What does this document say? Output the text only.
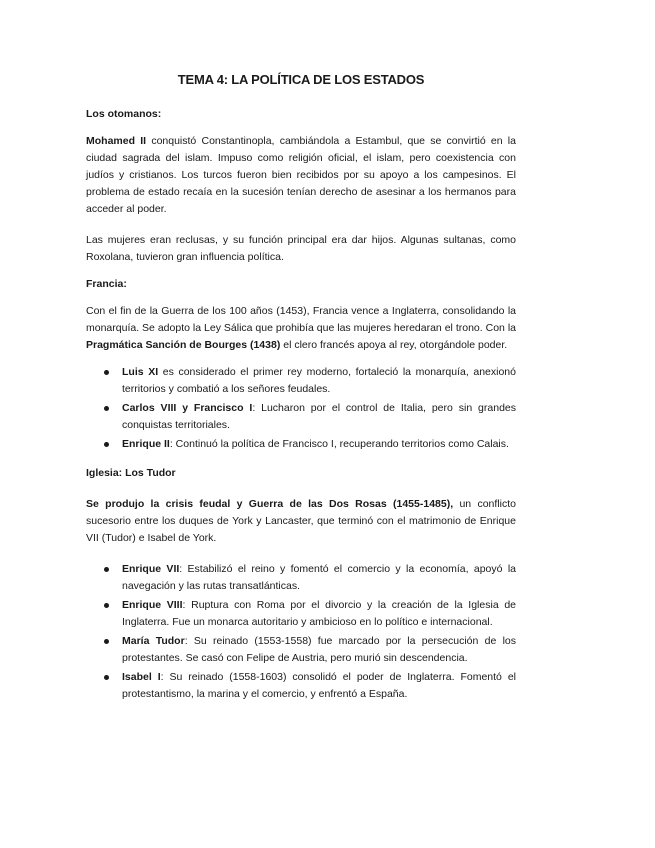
TEMA 4: LA POLÍTICA DE LOS ESTADOS

Los otomanos:

Mohamed II conquistó Constantinopla, cambiándola a Estambul, que se convirtió en la ciudad sagrada del islam. Impuso como religión oficial, el islam, pero coexistencia con judíos y cristianos. Los turcos fueron bien recibidos por su apoyo a los campesinos. El problema de estado recaía en la sucesión tenían derecho de asesinar a los hermanos para acceder al poder.

Las mujeres eran reclusas, y su función principal era dar hijos. Algunas sultanas, como Roxolana, tuvieron gran influencia política.

Francia:

Con el fin de la Guerra de los 100 años (1453), Francia vence a Inglaterra, consolidando la monarquía. Se adopto la Ley Sálica que prohibía que las mujeres heredaran el trono. Con la Pragmática Sanción de Bourges (1438) el clero francés apoya al rey, otorgándole poder.

Luis XI es considerado el primer rey moderno, fortaleció la monarquía, anexionó territorios y combatió a los señores feudales.
Carlos VIII y Francisco I: Lucharon por el control de Italia, pero sin grandes conquistas territoriales.
Enrique II: Continuó la política de Francisco I, recuperando territorios como Calais.

Iglesia: Los Tudor

Se produjo la crisis feudal y Guerra de las Dos Rosas (1455-1485), un conflicto sucesorio entre los duques de York y Lancaster, que terminó con el matrimonio de Enrique VII (Tudor) e Isabel de York.

Enrique VII: Estabilizó el reino y fomentó el comercio y la economía, apoyó la navegación y las rutas transatlánticas.
Enrique VIII: Ruptura con Roma por el divorcio y la creación de la Iglesia de Inglaterra. Fue un monarca autoritario y ambicioso en lo político e internacional.
María Tudor: Su reinado (1553-1558) fue marcado por la persecución de los protestantes. Se casó con Felipe de Austria, pero murió sin descendencia.
Isabel I: Su reinado (1558-1603) consolidó el poder de Inglaterra. Fomentó el protestantismo, la marina y el comercio, y enfrentó a España.
